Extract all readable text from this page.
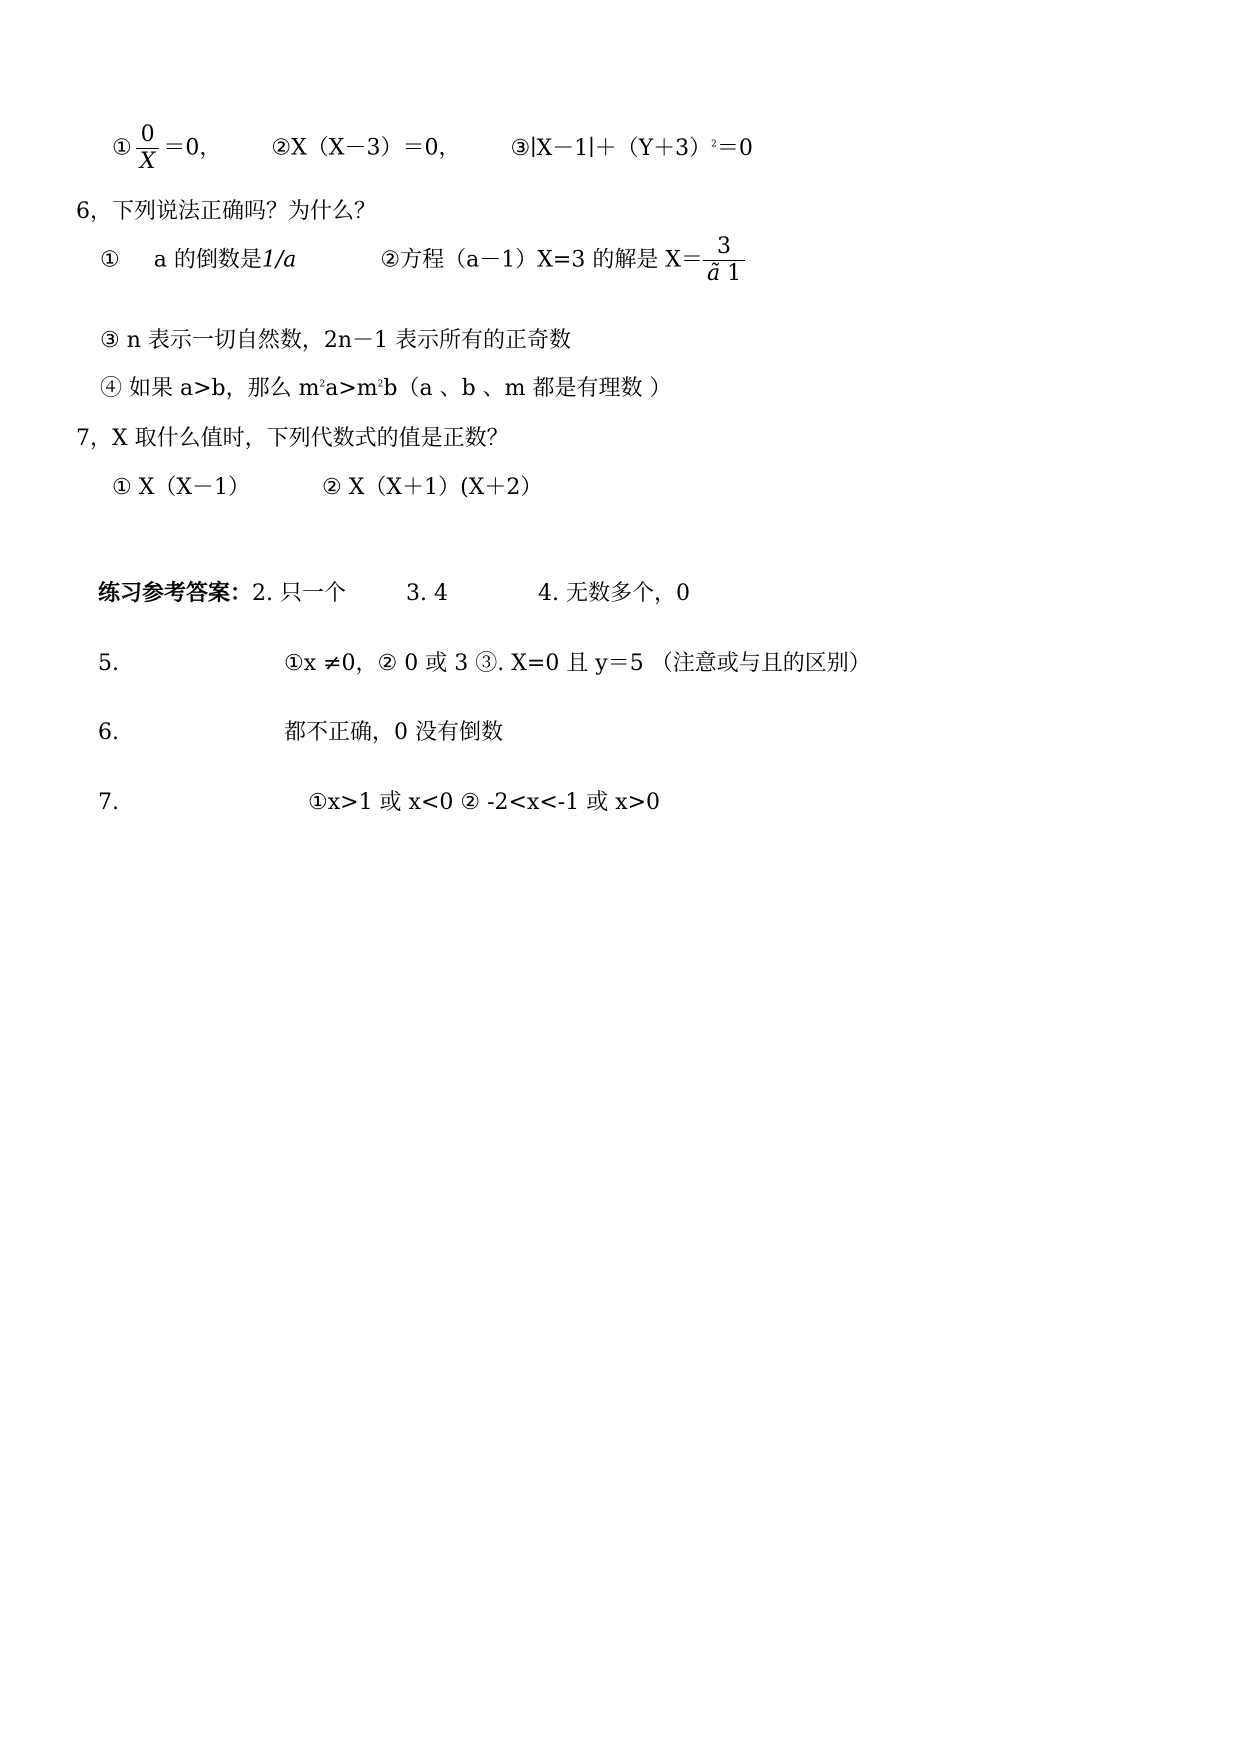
① $\frac{0}{X} =0$， ②X（X－3）＝0， $③∣X-1∣+(Y+3)^2=0$
6，下列说法正确吗？为什么？
① a 的倒数是1/a	②方程（a－1）X=3 的解是 $X= \frac{3}{ã 1}$
③ n 表示一切自然数，2n－1 表示所有的正奇数
④ 如果 a>b，那么 $m^2a>m^2b(a$ 、b 、m 都是有理数 ）
7，X 取什么值时，下列代数式的值是正数？
① X（X－1）	② X（X＋1）(X＋2）
练习参考答案：2. 只一个	3. 4	4. 无数多个，0
5.	①x ≠0，② 0 或 3 ③. X=0 且 y＝5 （注意或与且的区别）
6.	都不正确，0 没有倒数
7.	①x>1 或 x<0 ② -2<x<-1 或 x>0
